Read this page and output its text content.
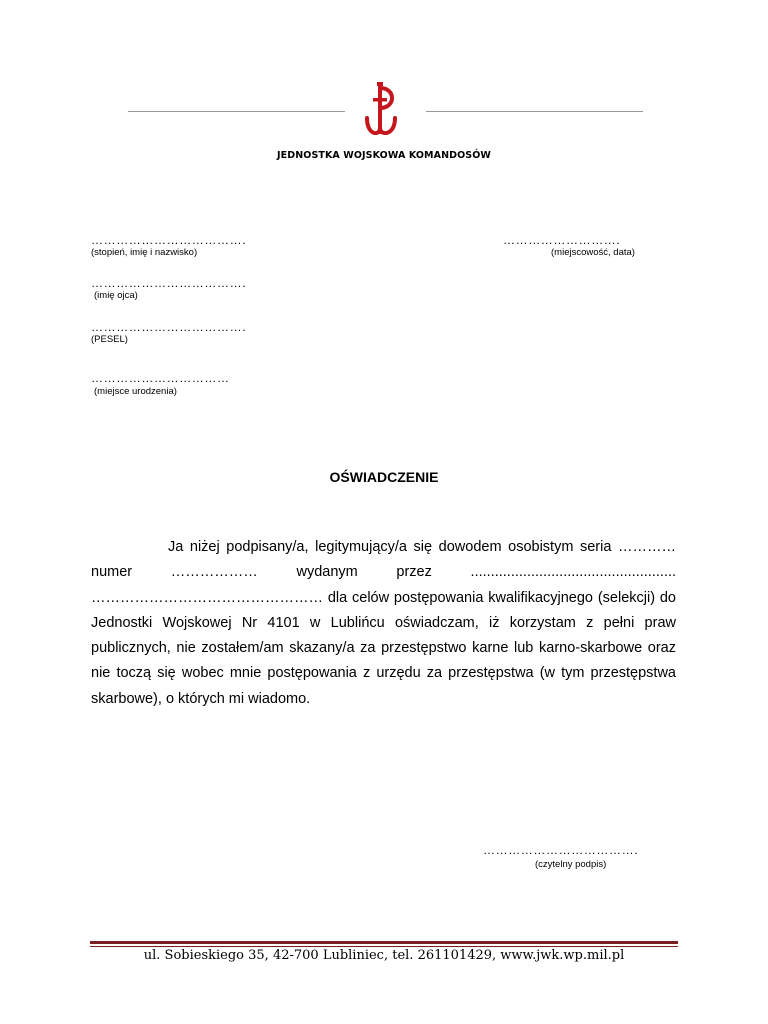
JEDNOSTKA WOJSKOWA KOMANDOSÓW
……………………………….
(stopień, imię i nazwisko)
……………………….
(miejscowość, data)
……………………………….
(imię ojca)
……………………………….
(PESEL)
……………………………
(miejsce urodzenia)
OŚWIADCZENIE

Ja niżej podpisany/a, legitymujący/a się dowodem osobistym seria ………… numer ……………… wydanym przez ................................................... ………………………………………… dla celów postępowania kwalifikacyjnego (selekcji) do Jednostki Wojskowej Nr 4101 w Lublińcu oświadczam, iż korzystam z pełni praw publicznych, nie zostałem/am skazany/a za przestępstwo karne lub karno-skarbowe oraz nie toczą się wobec mnie postępowania z urzędu za przestępstwa (w tym przestępstwa skarbowe), o których mi wiadomo.

……………………………….
(czytelny podpis)
ul. Sobieskiego 35, 42-700 Lubliniec, tel. 261101429, www.jwk.wp.mil.pl
